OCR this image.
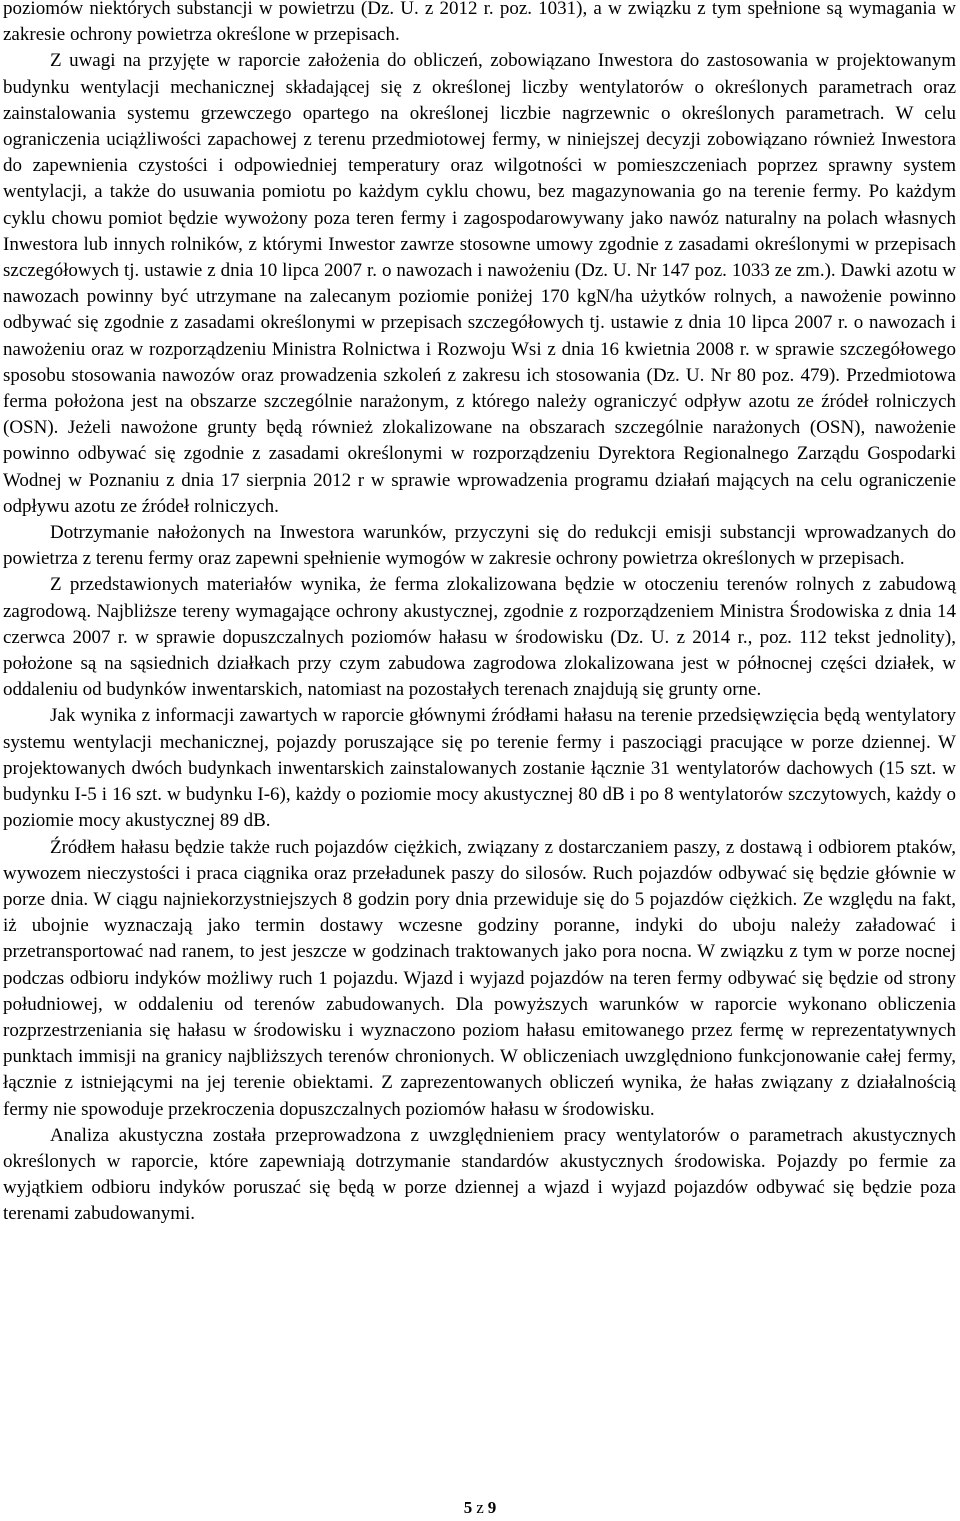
poziomów niektórych substancji w powietrzu (Dz. U. z 2012 r. poz. 1031), a w związku z tym spełnione są wymagania w zakresie ochrony powietrza określone w przepisach.

Z uwagi na przyjęte w raporcie założenia do obliczeń, zobowiązano Inwestora do zastosowania w projektowanym budynku wentylacji mechanicznej składającej się z określonej liczby wentylatorów o określonych parametrach oraz zainstalowania systemu grzewczego opartego na określonej liczbie nagrzewnic o określonych parametrach. W celu ograniczenia uciążliwości zapachowej z terenu przedmiotowej fermy, w niniejszej decyzji zobowiązano również Inwestora do zapewnienia czystości i odpowiedniej temperatury oraz wilgotności w pomieszczeniach poprzez sprawny system wentylacji, a także do usuwania pomiotu po każdym cyklu chowu, bez magazynowania go na terenie fermy. Po każdym cyklu chowu pomiot będzie wywożony poza teren fermy i zagospodarowywany jako nawóz naturalny na polach własnych Inwestora lub innych rolników, z którymi Inwestor zawrze stosowne umowy zgodnie z zasadami określonymi w przepisach szczegółowych tj. ustawie z dnia 10 lipca 2007 r. o nawozach i nawożeniu (Dz. U. Nr 147 poz. 1033 ze zm.). Dawki azotu w nawozach powinny być utrzymane na zalecanym poziomie poniżej 170 kgN/ha użytków rolnych, a nawożenie powinno odbywać się zgodnie z zasadami określonymi w przepisach szczegółowych tj. ustawie z dnia 10 lipca 2007 r. o nawozach i nawożeniu oraz w rozporządzeniu Ministra Rolnictwa i Rozwoju Wsi z dnia 16 kwietnia 2008 r. w sprawie szczegółowego sposobu stosowania nawozów oraz prowadzenia szkoleń z zakresu ich stosowania (Dz. U. Nr 80 poz. 479). Przedmiotowa ferma położona jest na obszarze szczególnie narażonym, z którego należy ograniczyć odpływ azotu ze źródeł rolniczych (OSN). Jeżeli nawożone grunty będą również zlokalizowane na obszarach szczególnie narażonych (OSN), nawożenie powinno odbywać się zgodnie z zasadami określonymi w rozporządzeniu Dyrektora Regionalnego Zarządu Gospodarki Wodnej w Poznaniu z dnia 17 sierpnia 2012 r w sprawie wprowadzenia programu działań mających na celu ograniczenie odpływu azotu ze źródeł rolniczych.

Dotrzymanie nałożonych na Inwestora warunków, przyczyni się do redukcji emisji substancji wprowadzanych do powietrza z terenu fermy oraz zapewni spełnienie wymogów w zakresie ochrony powietrza określonych w przepisach.

Z przedstawionych materiałów wynika, że ferma zlokalizowana będzie w otoczeniu terenów rolnych z zabudową zagrodową. Najbliższe tereny wymagające ochrony akustycznej, zgodnie z rozporządzeniem Ministra Środowiska z dnia 14 czerwca 2007 r. w sprawie dopuszczalnych poziomów hałasu w środowisku (Dz. U. z 2014 r., poz. 112 tekst jednolity), położone są na sąsiednich działkach przy czym zabudowa zagrodowa zlokalizowana jest w północnej części działek, w oddaleniu od budynków inwentarskich, natomiast na pozostałych terenach znajdują się grunty orne.

Jak wynika z informacji zawartych w raporcie głównymi źródłami hałasu na terenie przedsięwzięcia będą wentylatory systemu wentylacji mechanicznej, pojazdy poruszające się po terenie fermy i paszociągi pracujące w porze dziennej. W projektowanych dwóch budynkach inwentarskich zainstalowanych zostanie łącznie 31 wentylatorów dachowych (15 szt. w budynku I-5 i 16 szt. w budynku I-6), każdy o poziomie mocy akustycznej 80 dB i po 8 wentylatorów szczytowych, każdy o poziomie mocy akustycznej 89 dB.

Źródłem hałasu będzie także ruch pojazdów ciężkich, związany z dostarczaniem paszy, z dostawą i odbiorem ptaków, wywozem nieczystości i praca ciągnika oraz przeładunek paszy do silosów. Ruch pojazdów odbywać się będzie głównie w porze dnia. W ciągu najniekorzystniejszych 8 godzin pory dnia przewiduje się do 5 pojazdów ciężkich. Ze względu na fakt, iż ubojnie wyznaczają jako termin dostawy wczesne godziny poranne, indyki do uboju należy załadować i przetransportować nad ranem, to jest jeszcze w godzinach traktowanych jako pora nocna. W związku z tym w porze nocnej podczas odbioru indyków możliwy ruch 1 pojazdu. Wjazd i wyjazd pojazdów na teren fermy odbywać się będzie od strony południowej, w oddaleniu od terenów zabudowanych. Dla powyższych warunków w raporcie wykonano obliczenia rozprzestrzeniania się hałasu w środowisku i wyznaczono poziom hałasu emitowanego przez fermę w reprezentatywnych punktach immisji na granicy najbliższych terenów chronionych. W obliczeniach uwzględniono funkcjonowanie całej fermy, łącznie z istniejącymi na jej terenie obiektami. Z zaprezentowanych obliczeń wynika, że hałas związany z działalnością fermy nie spowoduje przekroczenia dopuszczalnych poziomów hałasu w środowisku.

Analiza akustyczna została przeprowadzona z uwzględnieniem pracy wentylatorów o parametrach akustycznych określonych w raporcie, które zapewniają dotrzymanie standardów akustycznych środowiska. Pojazdy po fermie za wyjątkiem odbioru indyków poruszać się będą w porze dziennej a wjazd i wyjazd pojazdów odbywać się będzie poza terenami zabudowanymi.

5 z 9
